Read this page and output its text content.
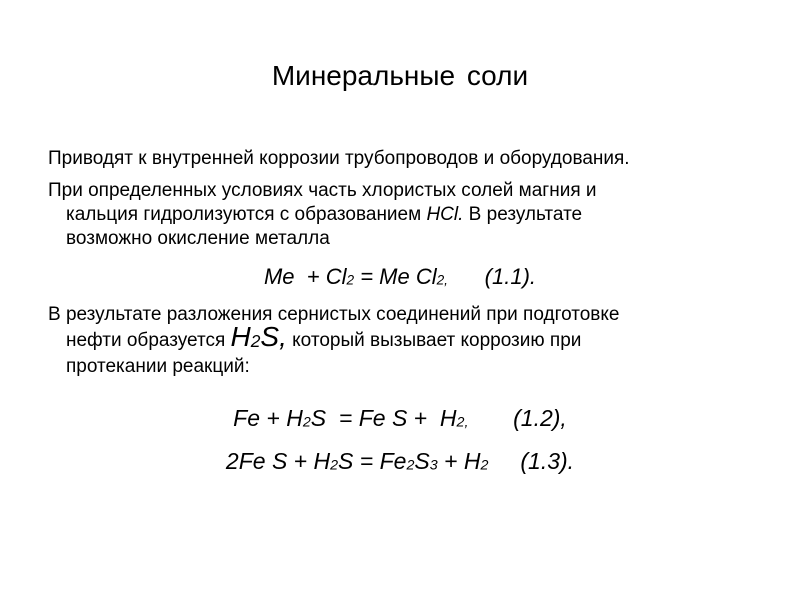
Минеральные соли
Приводят к внутренней коррозии трубопроводов и оборудования.
При определенных условиях часть хлористых солей магния и
кальция гидролизуются с образованием HCl. В результате
возможно окисление металла
Me  + Cl2 = Me Cl2,      (1.1).
В результате разложения сернистых соединений при подготовке
нефти образуется H2S, который вызывает коррозию при
протекании реакций:
Fe + H2S  = Fe S +  H2,       (1.2),
2Fe S + H2S = Fe2S3 + H2     (1.3).
